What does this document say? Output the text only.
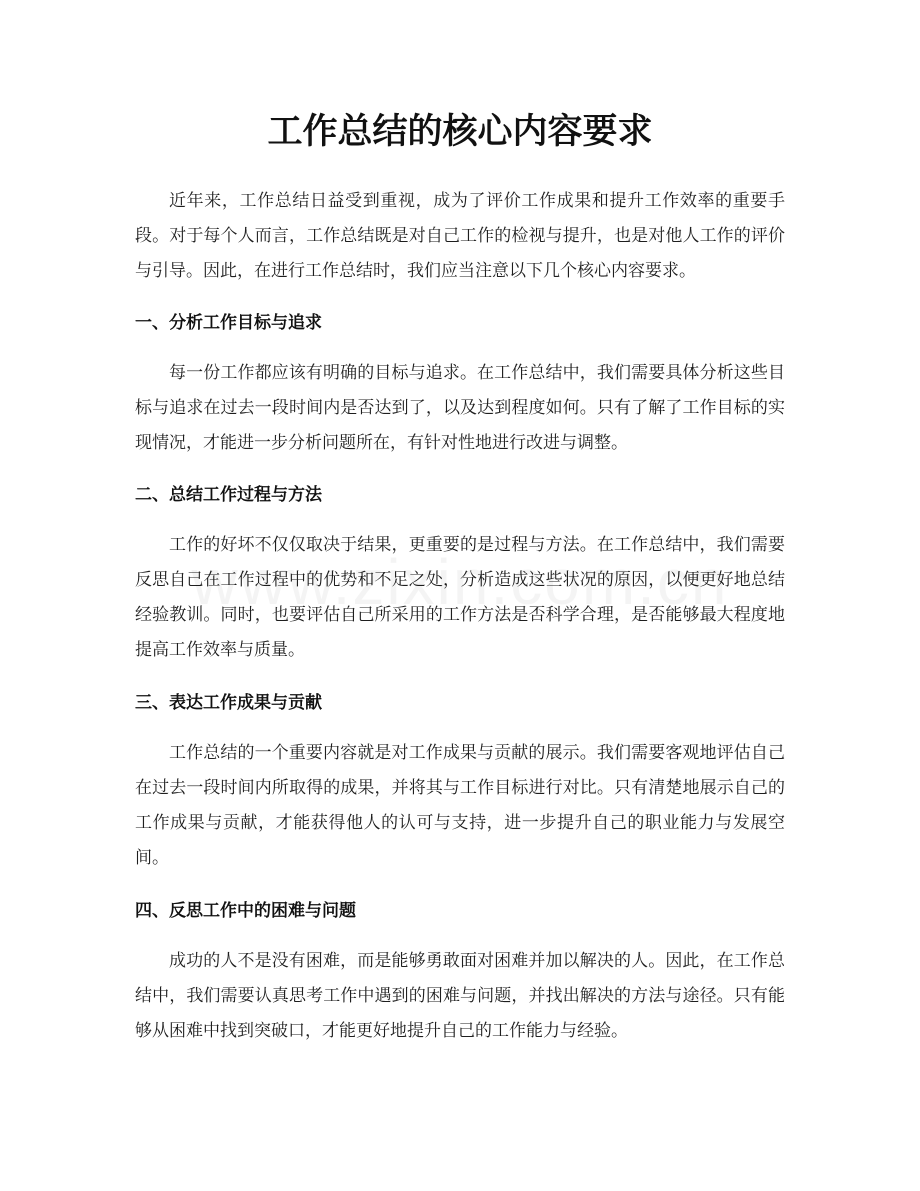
工作总结的核心内容要求

近年来，工作总结日益受到重视，成为了评价工作成果和提升工作效率的重要手段。对于每个人而言，工作总结既是对自己工作的检视与提升，也是对他人工作的评价与引导。因此，在进行工作总结时，我们应当注意以下几个核心内容要求。

一、分析工作目标与追求

每一份工作都应该有明确的目标与追求。在工作总结中，我们需要具体分析这些目标与追求在过去一段时间内是否达到了，以及达到程度如何。只有了解了工作目标的实现情况，才能进一步分析问题所在，有针对性地进行改进与调整。

二、总结工作过程与方法

工作的好坏不仅仅取决于结果，更重要的是过程与方法。在工作总结中，我们需要反思自己在工作过程中的优势和不足之处，分析造成这些状况的原因，以便更好地总结经验教训。同时，也要评估自己所采用的工作方法是否科学合理，是否能够最大程度地提高工作效率与质量。

三、表达工作成果与贡献

工作总结的一个重要内容就是对工作成果与贡献的展示。我们需要客观地评估自己在过去一段时间内所取得的成果，并将其与工作目标进行对比。只有清楚地展示自己的工作成果与贡献，才能获得他人的认可与支持，进一步提升自己的职业能力与发展空间。

四、反思工作中的困难与问题

成功的人不是没有困难，而是能够勇敢面对困难并加以解决的人。因此，在工作总结中，我们需要认真思考工作中遇到的困难与问题，并找出解决的方法与途径。只有能够从困难中找到突破口，才能更好地提升自己的工作能力与经验。
